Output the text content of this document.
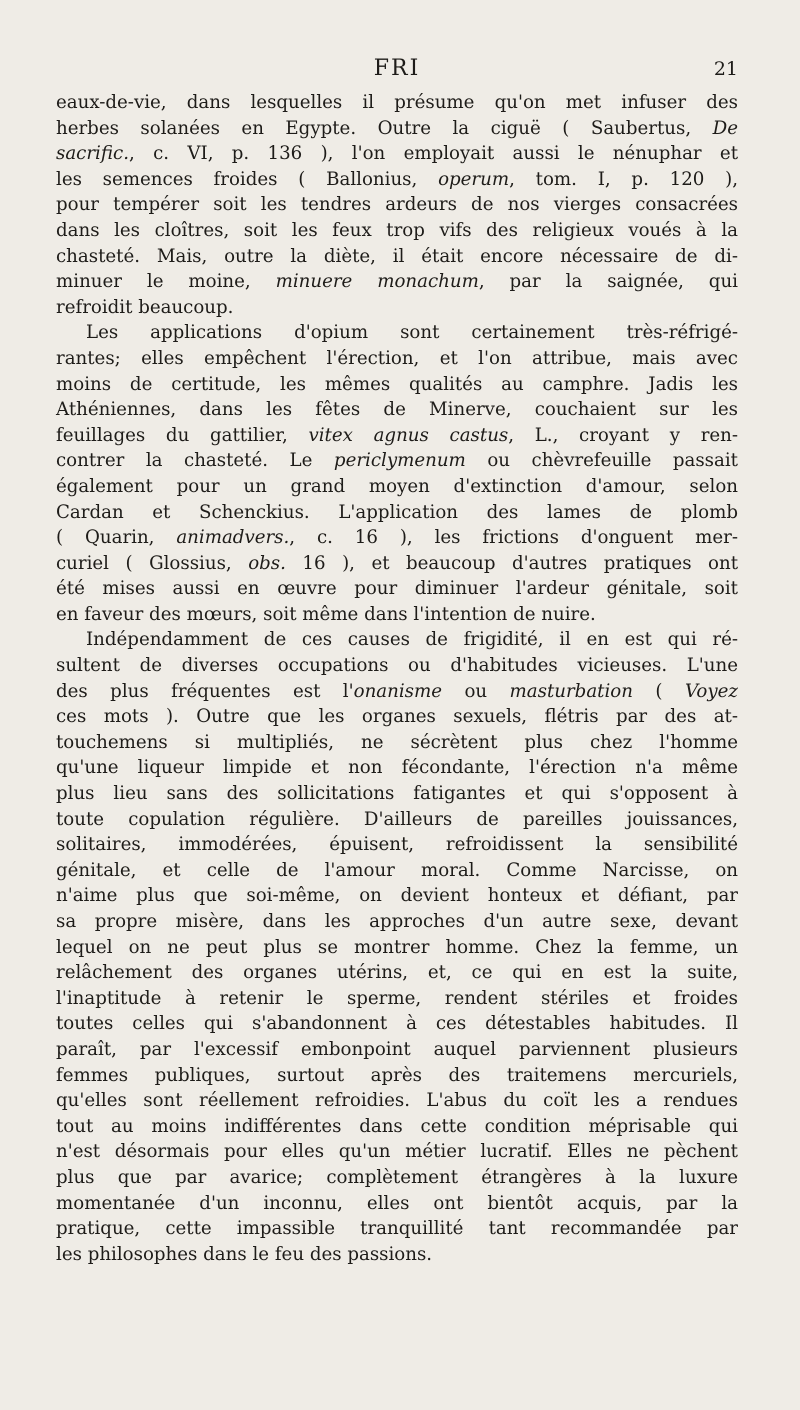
FRI	21
eaux-de-vie, dans lesquelles il présume qu'on met infuser des
herbes solanées en Egypte. Outre la ciguë ( Saubertus, De
sacrific., c. VI, p. 136 ), l'on employait aussi le nénuphar et
les semences froides ( Ballonius, operum, tom. I, p. 120 ),
pour tempérer soit les tendres ardeurs de nos vierges consacrées
dans les cloîtres, soit les feux trop vifs des religieux voués à la
chasteté. Mais, outre la diète, il était encore nécessaire de di-
minuer le moine, minuere monachum, par la saignée, qui
refroidit beaucoup.
Les applications d'opium sont certainement très-réfrigé-
rantes; elles empêchent l'érection, et l'on attribue, mais avec
moins de certitude, les mêmes qualités au camphre. Jadis les
Athéniennes, dans les fêtes de Minerve, couchaient sur les
feuillages du gattilier, vitex agnus castus, L., croyant y ren-
contrer la chasteté. Le periclymenum ou chèvrefeuille passait
également pour un grand moyen d'extinction d'amour, selon
Cardan et Schenckius. L'application des lames de plomb
( Quarin, animadvers., c. 16 ), les frictions d'onguent mer-
curiel ( Glossius, obs. 16 ), et beaucoup d'autres pratiques ont
été mises aussi en œuvre pour diminuer l'ardeur génitale, soit
en faveur des mœurs, soit même dans l'intention de nuire.
Indépendamment de ces causes de frigidité, il en est qui ré-
sultent de diverses occupations ou d'habitudes vicieuses. L'une
des plus fréquentes est l'onanisme ou masturbation ( Voyez
ces mots ). Outre que les organes sexuels, flétris par des at-
touchemens si multipliés, ne sécrètent plus chez l'homme
qu'une liqueur limpide et non fécondante, l'érection n'a même
plus lieu sans des sollicitations fatigantes et qui s'opposent à
toute copulation régulière. D'ailleurs de pareilles jouissances,
solitaires, immodérées, épuisent, refroidissent la sensibilité
génitale, et celle de l'amour moral. Comme Narcisse, on
n'aime plus que soi-même, on devient honteux et défiant, par
sa propre misère, dans les approches d'un autre sexe, devant
lequel on ne peut plus se montrer homme. Chez la femme, un
relâchement des organes utérins, et, ce qui en est la suite,
l'inaptitude à retenir le sperme, rendent stériles et froides
toutes celles qui s'abandonnent à ces détestables habitudes. Il
paraît, par l'excessif embonpoint auquel parviennent plusieurs
femmes publiques, surtout après des traitemens mercuriels,
qu'elles sont réellement refroidies. L'abus du coït les a rendues
tout au moins indifférentes dans cette condition méprisable qui
n'est désormais pour elles qu'un métier lucratif. Elles ne pèchent
plus que par avarice; complètement étrangères à la luxure
momentanée d'un inconnu, elles ont bientôt acquis, par la
pratique, cette impassible tranquillité tant recommandée par
les philosophes dans le feu des passions.
